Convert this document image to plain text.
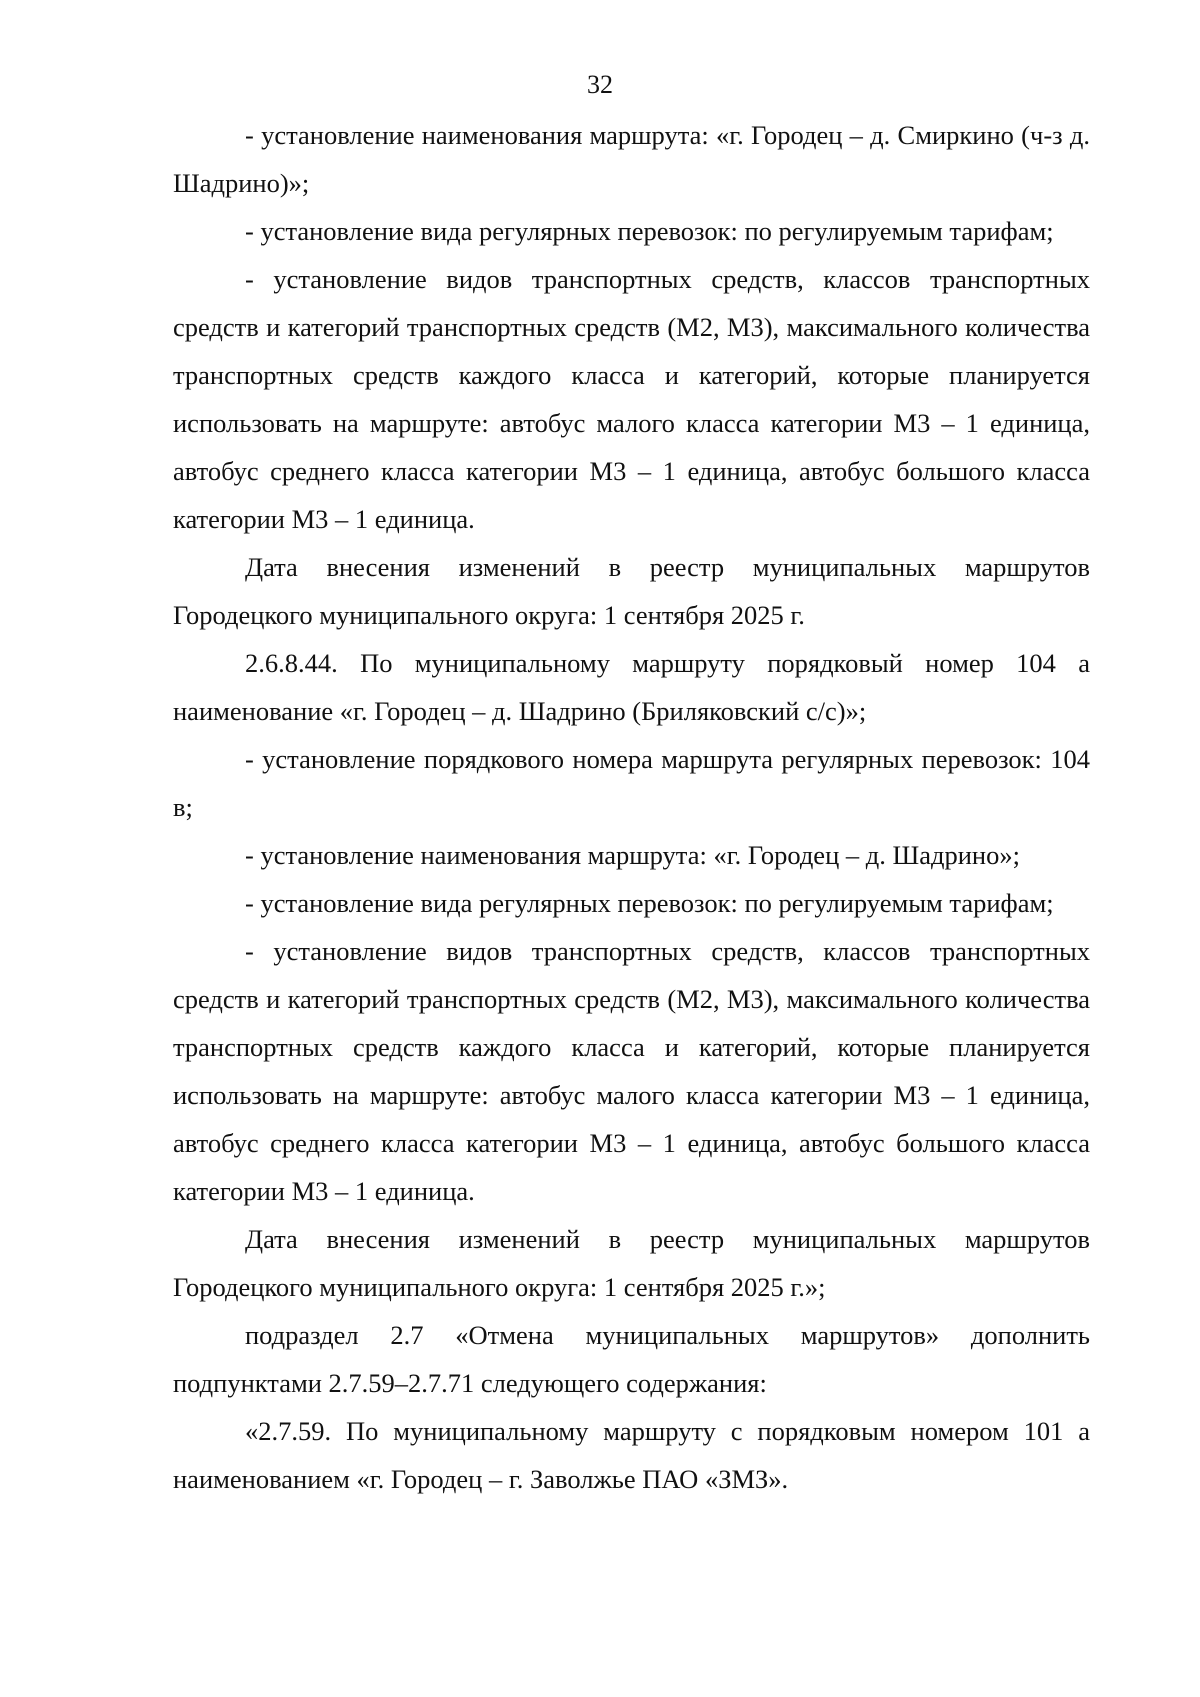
32

- установление наименования маршрута: «г. Городец – д. Смиркино (ч-з д. Шадрино)»;

- установление вида регулярных перевозок: по регулируемым тарифам;

- установление видов транспортных средств, классов транспортных средств и категорий транспортных средств (М2, М3), максимального количества транспортных средств каждого класса и категорий, которые планируется использовать на маршруте: автобус малого класса категории М3 – 1 единица, автобус среднего класса категории М3 – 1 единица, автобус большого класса категории М3 – 1 единица.

Дата внесения изменений в реестр муниципальных маршрутов Городецкого муниципального округа: 1 сентября 2025 г.

2.6.8.44. По муниципальному маршруту порядковый номер 104 а наименование «г. Городец – д. Шадрино (Бриляковский с/с)»;

- установление порядкового номера маршрута регулярных перевозок: 104 в;

- установление наименования маршрута: «г. Городец – д. Шадрино»;

- установление вида регулярных перевозок: по регулируемым тарифам;

- установление видов транспортных средств, классов транспортных средств и категорий транспортных средств (М2, М3), максимального количества транспортных средств каждого класса и категорий, которые планируется использовать на маршруте: автобус малого класса категории М3 – 1 единица, автобус среднего класса категории М3 – 1 единица, автобус большого класса категории М3 – 1 единица.

Дата внесения изменений в реестр муниципальных маршрутов Городецкого муниципального округа: 1 сентября 2025 г.»;

подраздел 2.7 «Отмена муниципальных маршрутов» дополнить подпунктами 2.7.59–2.7.71 следующего содержания:

«2.7.59. По муниципальному маршруту с порядковым номером 101 а наименованием «г. Городец – г. Заволжье ПАО «ЗМЗ».
